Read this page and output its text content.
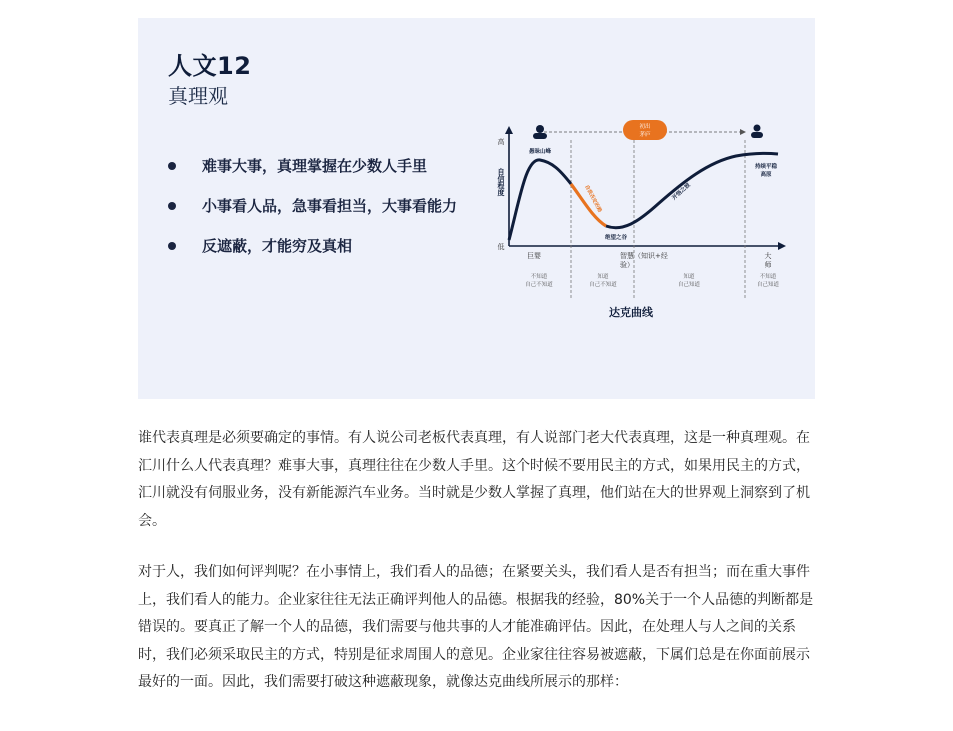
人文12
真理观
难事大事，真理掌握在少数人手里
小事看人品，急事看担当，大事看能力
反遮蔽，才能穷及真相
初出
茅庐
高
低
自信程度
愚昧山峰
自我否定的路	开悟之坡
持续平稳
高原
绝望之谷
巨婴	智慧（知识+经
验）
大
师
不知道
自己不知道
知道
自己不知道
知道
自己知道
不知道
自己知道
达克曲线

谁代表真理是必须要确定的事情。有人说公司老板代表真理，有人说部门老大代表真理，这是一种真理观。在汇川什么人代表真理？难事大事，真理往往在少数人手里。这个时候不要用民主的方式，如果用民主的方式，汇川就没有伺服业务，没有新能源汽车业务。当时就是少数人掌握了真理，他们站在大的世界观上洞察到了机会。

对于人，我们如何评判呢？在小事情上，我们看人的品德；在紧要关头，我们看人是否有担当；而在重大事件上，我们看人的能力。企业家往往无法正确评判他人的品德。根据我的经验，80%关于一个人品德的判断都是错误的。要真正了解一个人的品德，我们需要与他共事的人才能准确评估。因此，在处理人与人之间的关系时，我们必须采取民主的方式，特别是征求周围人的意见。企业家往往容易被遮蔽，下属们总是在你面前展示最好的一面。因此，我们需要打破这种遮蔽现象，就像达克曲线所展示的那样：
